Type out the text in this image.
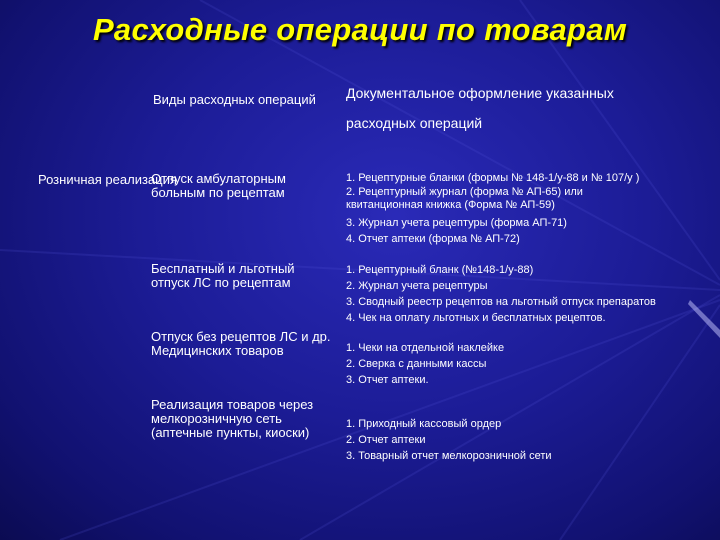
Расходные операции по товарам
Виды расходных операций Документальное оформление указанных расходных операций
Розничная реализация
Отпуск амбулаторным больным по рецептам
1. Рецептурные бланки (формы № 148-1/у-88 и № 107/у )
2. Рецептурный журнал (форма № АП-65) или квитанционная книжка (Форма № АП-59)
3. Журнал учета рецептуры (форма АП-71)
4. Отчет аптеки (форма № АП-72)
Бесплатный и льготный отпуск ЛС по рецептам
1. Рецептурный бланк (№148-1/у-88)
2. Журнал учета рецептуры
3. Сводный реестр рецептов на льготный отпуск препаратов
4. Чек на оплату льготных и бесплатных рецептов.
Отпуск без рецептов ЛС и др. Медицинских товаров	1. Чеки на отдельной наклейке
2. Сверка с данными кассы
3. Отчет аптеки.
Реализация товаров через мелкорозничную сеть (аптечные пункты, киоски)
1. Приходный кассовый ордер
2. Отчет аптеки
3. Товарный отчет мелкорозничной сети
